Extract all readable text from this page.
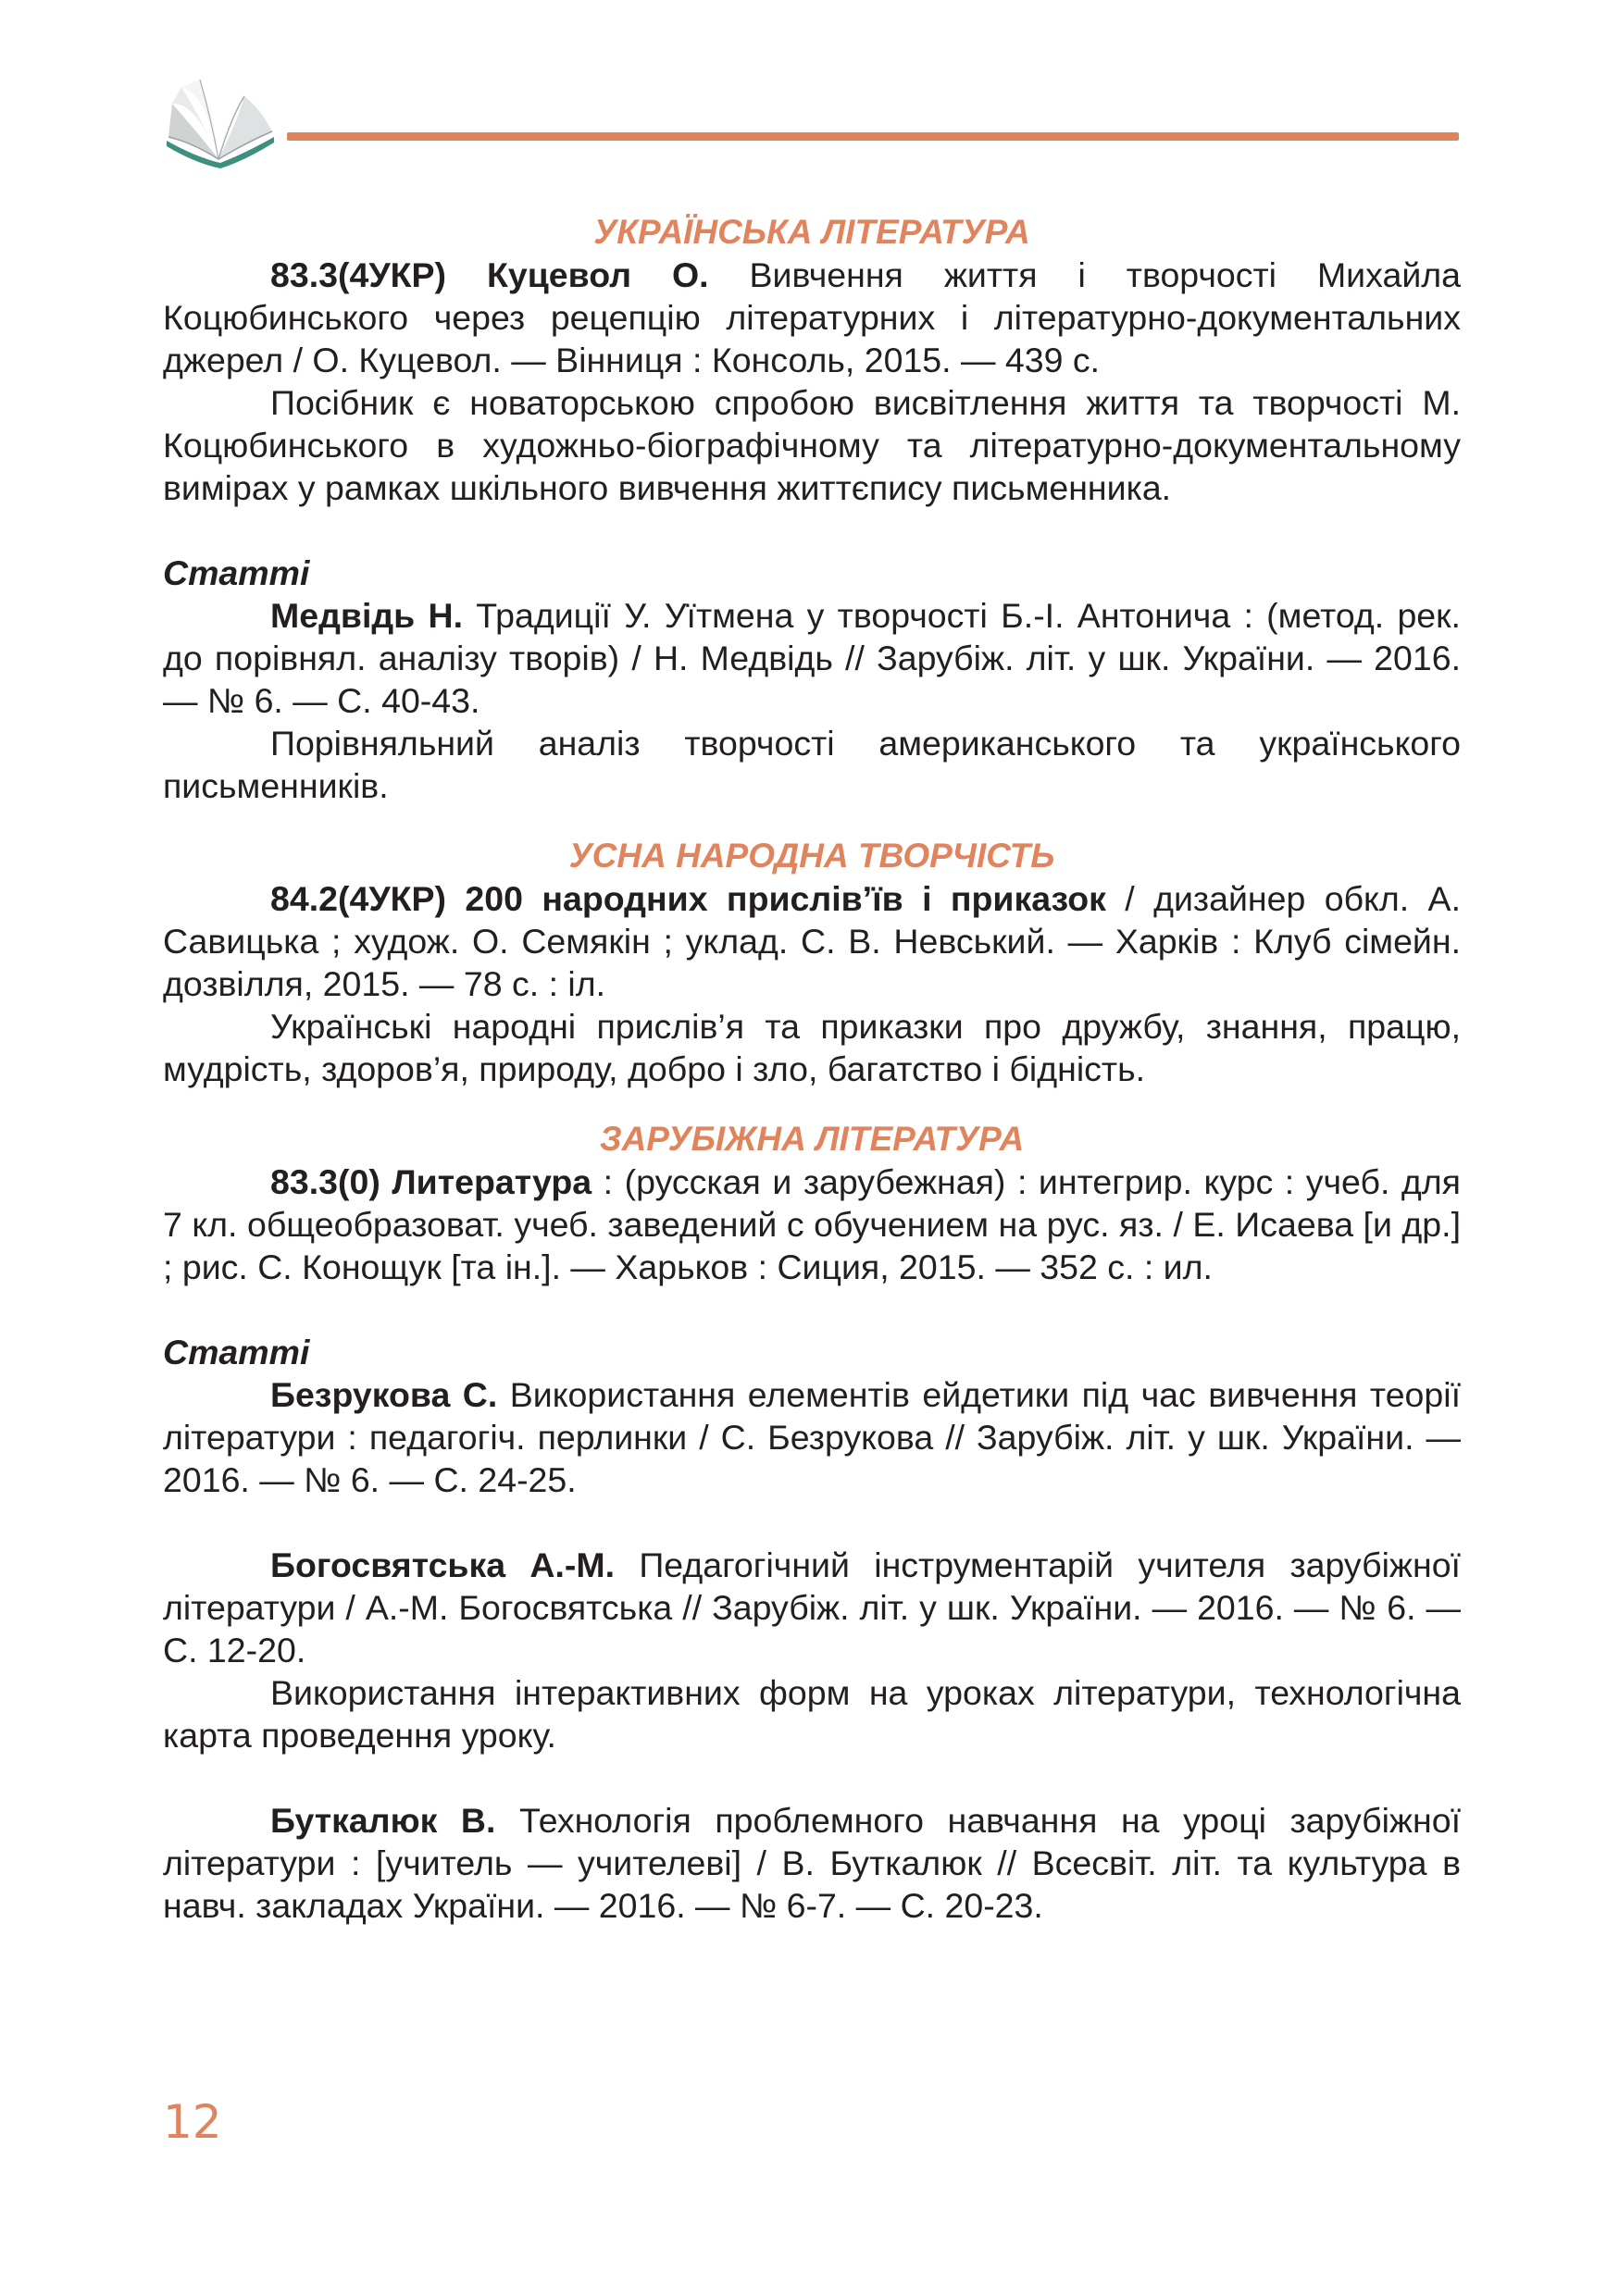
УКРАЇНСЬКА ЛІТЕРАТУРА

83.3(4УКР) Куцевол О. Вивчення життя і творчості Михайла Коцюбинського через рецепцію літературних і літературно-документальних джерел / О. Куцевол. — Вінниця : Консоль, 2015. — 439 с.

Посібник є новаторською спробою висвітлення життя та творчості М. Коцюбинського в художньо-біографічному та літературно-документальному вимірах у рамках шкільного вивчення життєпису письменника.

Статті

Медвідь Н. Традиції У. Уїтмена у творчості Б.-І. Антонича : (метод. рек. до порівнял. аналізу творів) / Н. Медвідь // Зарубіж. літ. у шк. України. — 2016. — № 6. — С. 40-43.

Порівняльний аналіз творчості американського та українського письменників.

УСНА НАРОДНА ТВОРЧІСТЬ

84.2(4УКР) 200 народних прислів’їв і приказок / дизайнер обкл. А. Савицька ; худож. О. Семякін ; уклад. С. В. Невський. — Харків : Клуб сімейн. дозвілля, 2015. — 78 с. : іл.

Українські народні прислів’я та приказки про дружбу, знання, працю, мудрість, здоров’я, природу, добро і зло, багатство і бідність.

ЗАРУБІЖНА ЛІТЕРАТУРА

83.3(0) Литература : (русская и зарубежная) : интегрир. курс : учеб. для 7 кл. общеобразоват. учеб. заведений с обучением на рус. яз. / Е. Исаева [и др.] ; рис. С. Конощук [та ін.]. — Харьков : Сиция, 2015. — 352 с. : ил.

Статті

Безрукова С. Використання елементів ейдетики під час вивчення теорії літератури : педагогіч. перлинки / С. Безрукова // Зарубіж. літ. у шк. України. — 2016. — № 6. — С. 24-25.

Богосвятська А.-М. Педагогічний інструментарій учителя зарубіжної літератури / А.-М. Богосвятська // Зарубіж. літ. у шк. України. — 2016. — № 6. — С. 12-20.

Використання інтерактивних форм на уроках літератури, технологічна карта проведення уроку.

Буткалюк В. Технологія проблемного навчання на уроці зарубіжної літератури : [учитель — учителеві] / В. Буткалюк // Всесвіт. літ. та культура в навч. закладах України. — 2016. — № 6-7. — С. 20-23.

12
